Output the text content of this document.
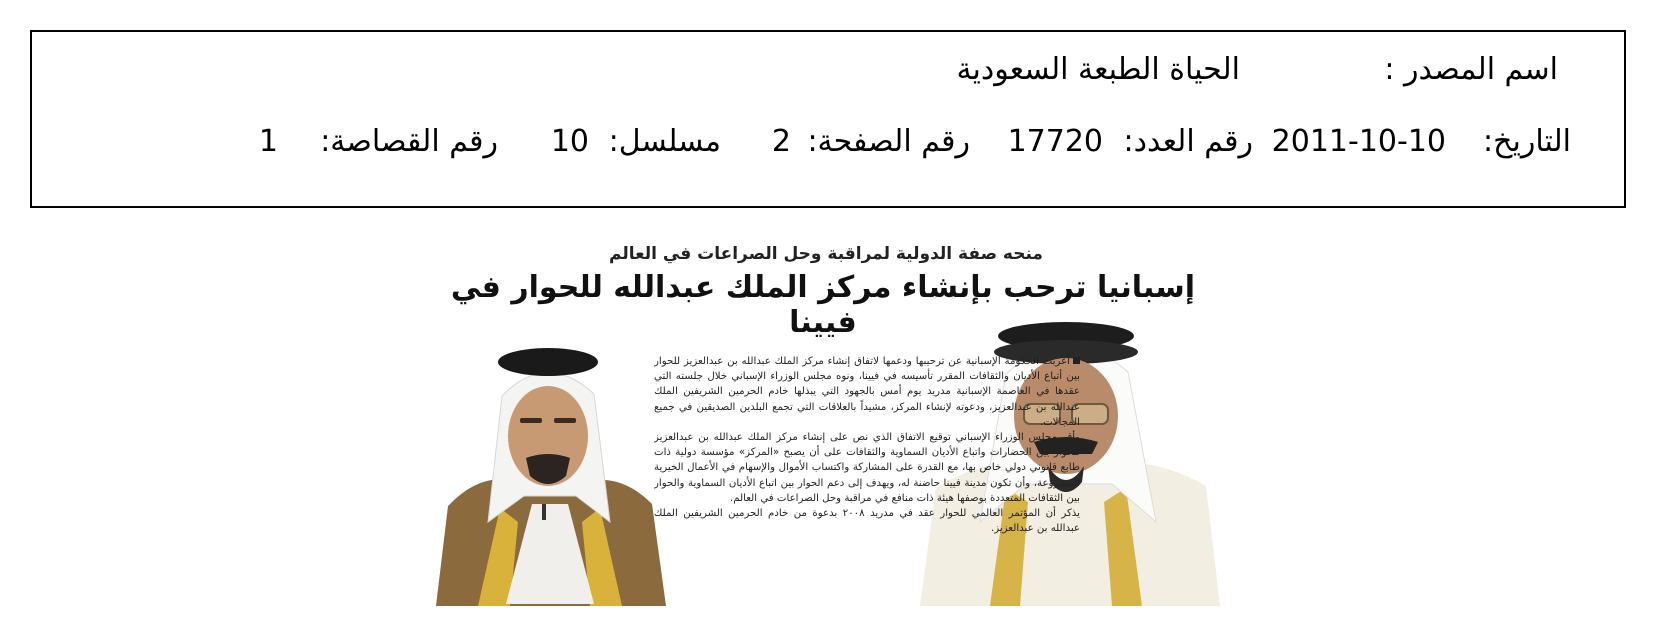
اسم المصدر :
الحياة الطبعة السعودية
التاريخ:
2011-10-10
رقم العدد:
17720
رقم الصفحة:
2
مسلسل:
10
رقم القصاصة:
1
منحه صفة الدولية لمراقبة وحل الصراعات في العالم
إسبانيا ترحب بإنشاء مركز الملك عبدالله للحوار في فيينا

أعربت الحكومة الإسبانية عن ترحيبها ودعمها لاتفاق إنشاء مركز الملك عبدالله بن عبدالعزيز للحوار بين أتباع الأديان والثقافات المقرر تأسيسه في فيينا، ونوه مجلس الوزراء الإسباني خلال جلسته التي عقدها في العاصمة الإسبانية مدريد يوم أمس بالجهود التي يبذلها خادم الحرمين الشريفين الملك عبدالله بن عبدالعزيز، ودعوته لإنشاء المركز، مشيداً بالعلاقات التي تجمع البلدين الصديقين في جميع المجالات.

وأقر مجلس الوزراء الإسباني توقيع الاتفاق الذي نص على إنشاء مركز الملك عبدالله بن عبدالعزيز للحوار بين الحضارات واتباع الأديان السماوية والثقافات على أن يصبح «المركز» مؤسسة دولية ذات طابع قانوني دولي خاص بها، مع القدرة على المشاركة واكتساب الأموال والإسهام في الأعمال الخيرية المشروعة، وأن تكون مدينة فيينا حاضنة له، ويهدف إلى دعم الحوار بين اتباع الأديان السماوية والحوار بين الثقافات المتعددة بوصفها هيئة ذات منافع في مراقبة وحل الصراعات في العالم.

يذكر أن المؤتمر العالمي للحوار عقد في مدريد ٢٠٠٨ بدعوة من خادم الحرمين الشريفين الملك عبدالله بن عبدالعزيز.
